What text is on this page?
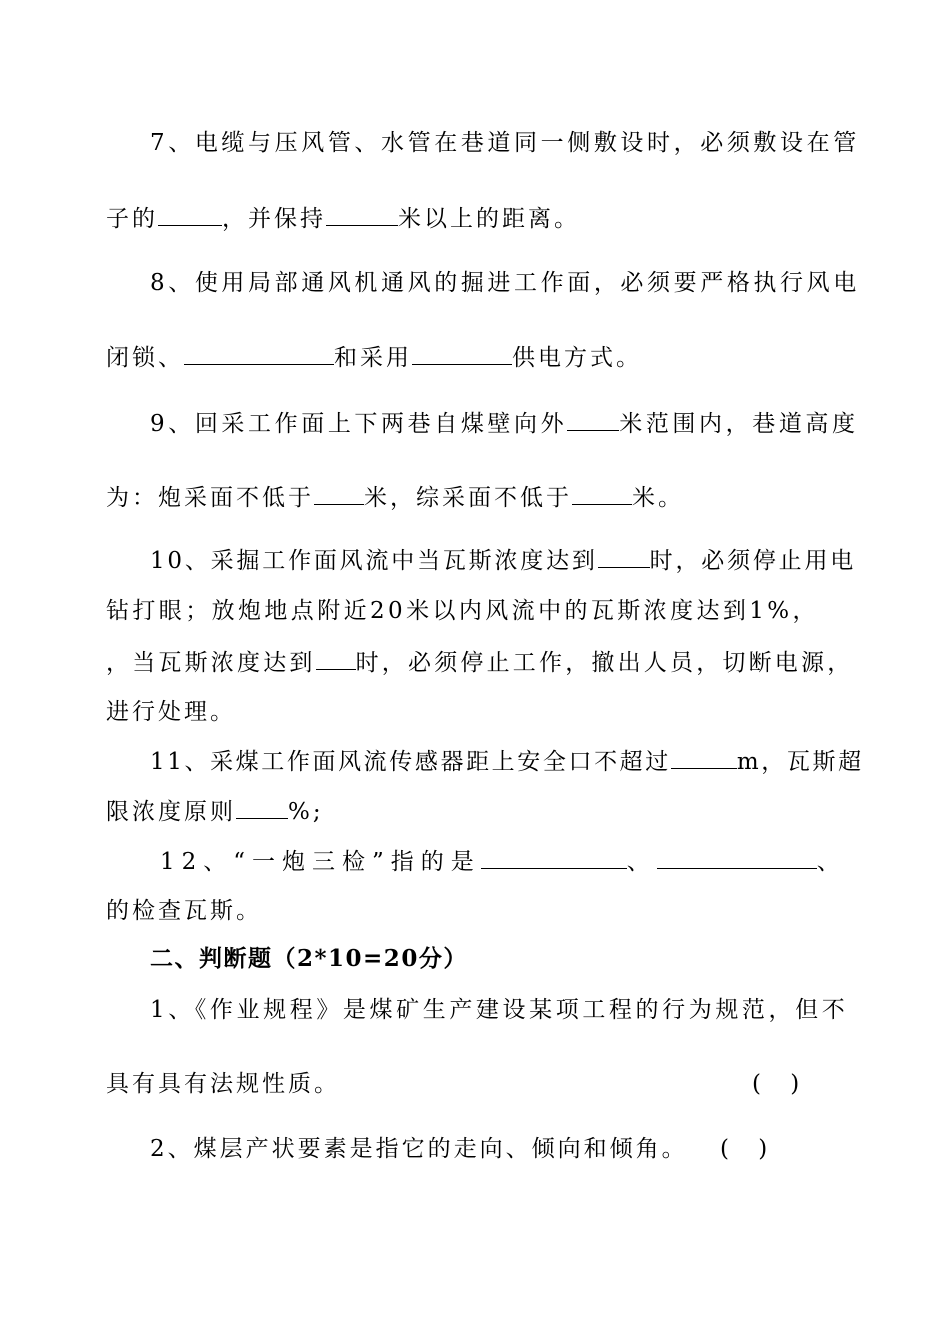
7、电缆与压风管、水管在巷道同一侧敷设时，必须敷设在管
子的	，并保持	米以上的距离。
8、使用局部通风机通风的掘进工作面，必须要严格执行风电
闭锁、	和采用	供电方式。
9、回采工作面上下两巷自煤壁向外 米范围内，巷道高度
为：炮采面不低于 米，综采面不低于	米。
10、采掘工作面风流中当瓦斯浓度达到 时，必须停止用电
钻打眼；放炮地点附近20米以内风流中的瓦斯浓度达到1%，
，当瓦斯浓度达到 时，必须停止工作，撤出人员，切断电源，
进行处理。
11、采煤工作面风流传感器距上安全口不超过	m，瓦斯超
限浓度原则 %;
12、“一炮三检”指的是	、	、
的检查瓦斯。
二、判断题（2*10=20分）
1、《作业规程》是煤矿生产建设某项工程的行为规范，但不
具有具有法规性质。	(    )
2、煤层产状要素是指它的走向、倾向和倾角。 (    )
